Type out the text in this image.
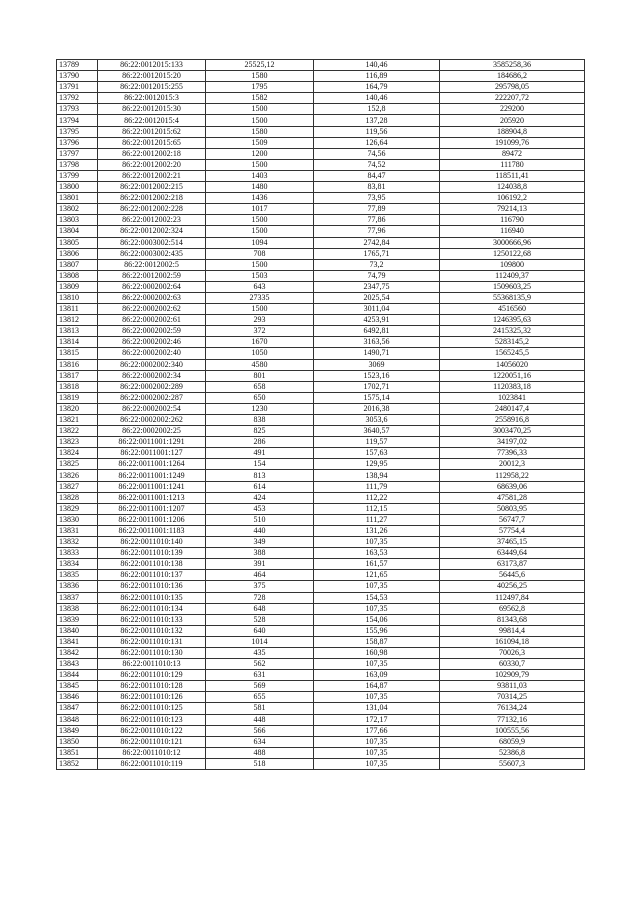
13789	86:22:0012015:133	25525,12	140,46	3585258,36
13790	86:22:0012015:20	1580	116,89	184686,2
13791	86:22:0012015:255	1795	164,79	295798,05
13792	86:22:0012015:3	1582	140,46	222207,72
13793	86:22:0012015:30	1500	152,8	229200
13794	86:22:0012015:4	1500	137,28	205920
13795	86:22:0012015:62	1580	119,56	188904,8
13796	86:22:0012015:65	1509	126,64	191099,76
13797	86:22:0012002:18	1200	74,56	89472
13798	86:22:0012002:20	1500	74,52	111780
13799	86:22:0012002:21	1403	84,47	118511,41
13800	86:22:0012002:215	1480	83,81	124038,8
13801	86:22:0012002:218	1436	73,95	106192,2
13802	86:22:0012002:228	1017	77,89	79214,13
13803	86:22:0012002:23	1500	77,86	116790
13804	86:22:0012002:324	1500	77,96	116940
13805	86:22:0003002:514	1094	2742,84	3000666,96
13806	86:22:0003002:435	708	1765,71	1250122,68
13807	86:22:0012002:5	1500	73,2	109800
13808	86:22:0012002:59	1503	74,79	112409,37
13809	86:22:0002002:64	643	2347,75	1509603,25
13810	86:22:0002002:63	27335	2025,54	55368135,9
13811	86:22:0002002:62	1500	3011,04	4516560
13812	86:22:0002002:61	293	4253,91	1246395,63
13813	86:22:0002002:59	372	6492,81	2415325,32
13814	86:22:0002002:46	1670	3163,56	5283145,2
13815	86:22:0002002:40	1050	1490,71	1565245,5
13816	86:22:0002002:340	4580	3069	14056020
13817	86:22:0002002:34	801	1523,16	1220051,16
13818	86:22:0002002:289	658	1702,71	1120383,18
13819	86:22:0002002:287	650	1575,14	1023841
13820	86:22:0002002:54	1230	2016,38	2480147,4
13821	86:22:0002002:262	838	3053,6	2558916,8
13822	86:22:0002002:25	825	3640,57	3003470,25
13823	86:22:0011001:1291	286	119,57	34197,02
13824	86:22:0011001:127	491	157,63	77396,33
13825	86:22:0011001:1264	154	129,95	20012,3
13826	86:22:0011001:1249	813	138,94	112958,22
13827	86:22:0011001:1241	614	111,79	68639,06
13828	86:22:0011001:1213	424	112,22	47581,28
13829	86:22:0011001:1207	453	112,15	50803,95
13830	86:22:0011001:1206	510	111,27	56747,7
13831	86:22:0011001:1183	440	131,26	57754,4
13832	86:22:0011010:140	349	107,35	37465,15
13833	86:22:0011010:139	388	163,53	63449,64
13834	86:22:0011010:138	391	161,57	63173,87
13835	86:22:0011010:137	464	121,65	56445,6
13836	86:22:0011010:136	375	107,35	40256,25
13837	86:22:0011010:135	728	154,53	112497,84
13838	86:22:0011010:134	648	107,35	69562,8
13839	86:22:0011010:133	528	154,06	81343,68
13840	86:22:0011010:132	640	155,96	99814,4
13841	86:22:0011010:131	1014	158,87	161094,18
13842	86:22:0011010:130	435	160,98	70026,3
13843	86:22:0011010:13	562	107,35	60330,7
13844	86:22:0011010:129	631	163,09	102909,79
13845	86:22:0011010:128	569	164,87	93811,03
13846	86:22:0011010:126	655	107,35	70314,25
13847	86:22:0011010:125	581	131,04	76134,24
13848	86:22:0011010:123	448	172,17	77132,16
13849	86:22:0011010:122	566	177,66	100555,56
13850	86:22:0011010:121	634	107,35	68059,9
13851	86:22:0011010:12	488	107,35	52386,8
13852	86:22:0011010:119	518	107,35	55607,3
